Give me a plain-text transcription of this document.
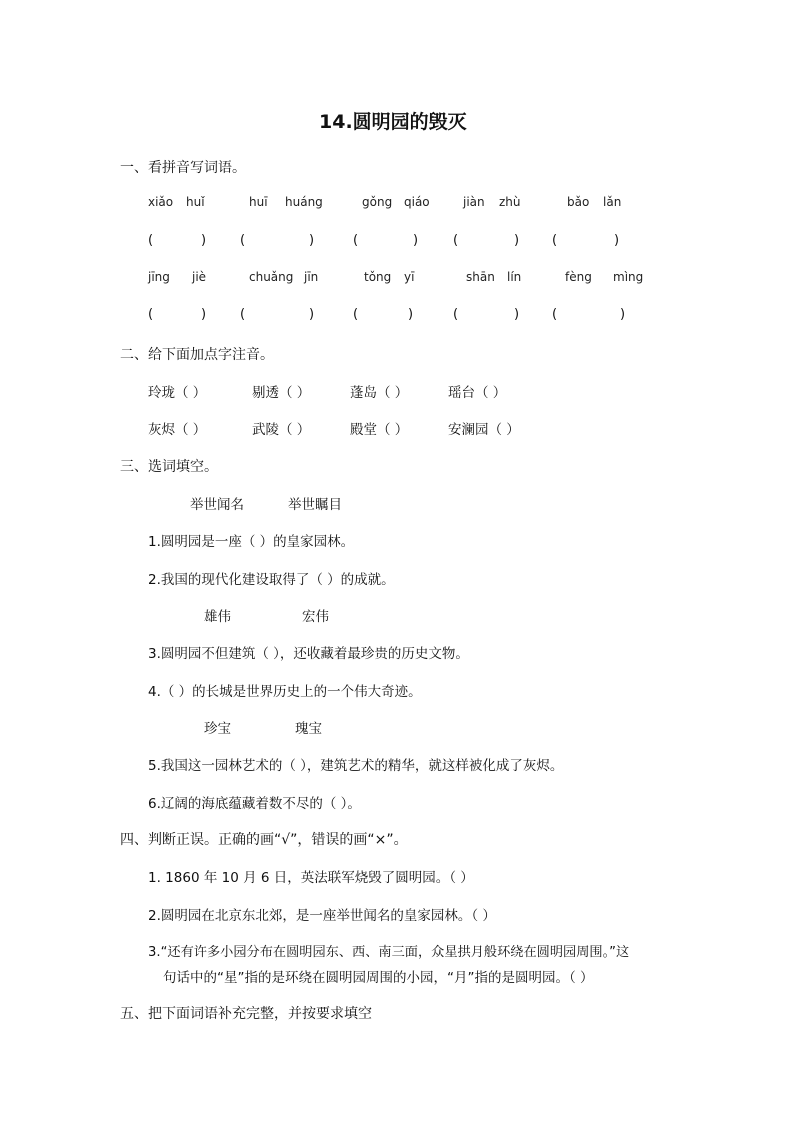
14.圆明园的毁灭
一、看拼音写词语。
xiǎo huǐ	huī huáng	gǒng qiáo	jiàn zhù	bǎo lǎn
(	)	(	)	(	)	(	)	(	)
jīng jiè	chuǎng jīn	tǒng yī	shān lín	fèng mìng
(	)	(	)	(	)	(	)	(	)
二、给下面加点字注音。
玲珑（ ）	剔透（ ）	蓬岛（ ）	瑶台（ ）
灰烬（ ）	武陵（ ）	殿堂（ ）	安澜园（ ）
三、选词填空。
举世闻名	举世瞩目
1.圆明园是一座（ ）的皇家园林。
2.我国的现代化建设取得了（ ）的成就。
雄伟	宏伟
3.圆明园不但建筑（ ），还收藏着最珍贵的历史文物。
4.（ ）的长城是世界历史上的一个伟大奇迹。
珍宝	瑰宝
5.我国这一园林艺术的（ ），建筑艺术的精华，就这样被化成了灰烬。
6.辽阔的海底蕴藏着数不尽的（ ）。
四、判断正误。正确的画“√”，错误的画“×”。
1. 1860 年 10 月 6 日，英法联军烧毁了圆明园。（ ）
2.圆明园在北京东北郊，是一座举世闻名的皇家园林。（ ）
3.“还有许多小园分布在圆明园东、西、南三面，众星拱月般环绕在圆明园周围。”这
句话中的“星”指的是环绕在圆明园周围的小园，“月”指的是圆明园。（ ）
五、把下面词语补充完整，并按要求填空
